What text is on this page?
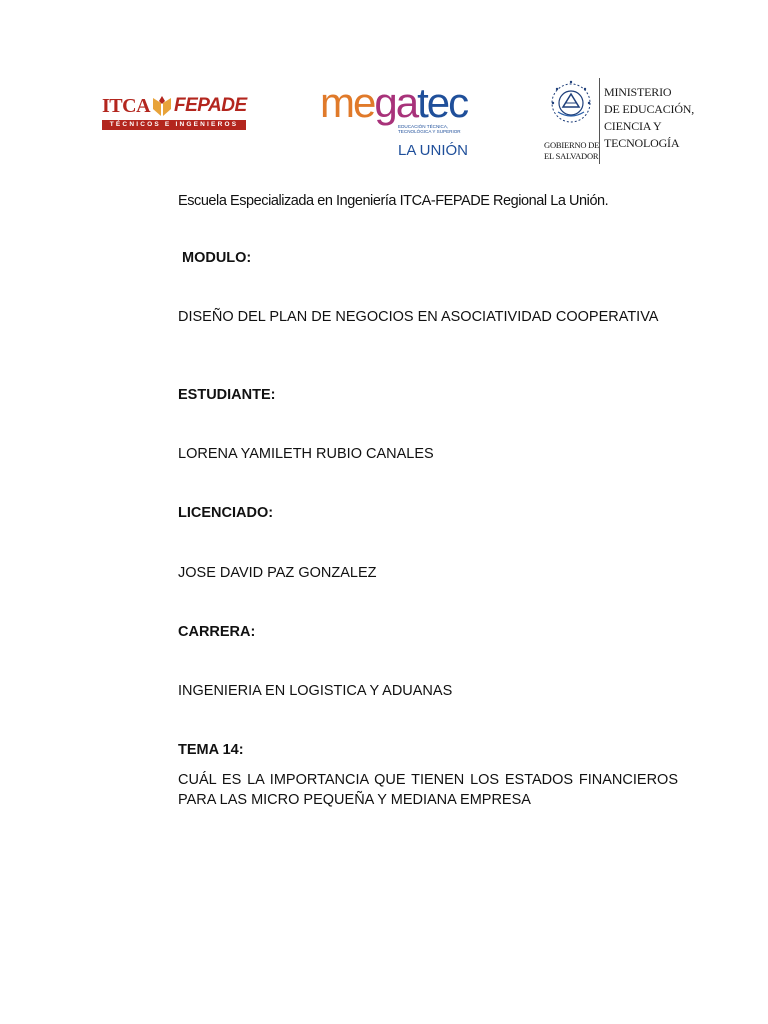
ITCA FEPADE
TÉCNICOS E INGENIEROS megatec
EDUCACIÓN TÉCNICA, TECNOLÓGICA Y SUPERIOR
LA UNIÓN	GOBIERNO DE
EL SALVADOR
MINISTERIO
DE EDUCACIÓN,
CIENCIA Y
TECNOLOGÍA
Escuela Especializada en Ingeniería ITCA-FEPADE Regional La Unión.
MODULO:
DISEÑO DEL PLAN DE NEGOCIOS EN ASOCIATIVIDAD COOPERATIVA
ESTUDIANTE:
LORENA YAMILETH RUBIO CANALES
LICENCIADO:
JOSE DAVID PAZ GONZALEZ
CARRERA:
INGENIERIA EN LOGISTICA Y ADUANAS
TEMA 14:
CUÁL ES LA IMPORTANCIA QUE TIENEN LOS ESTADOS FINANCIEROS PARA LAS MICRO PEQUEÑA Y MEDIANA EMPRESA
